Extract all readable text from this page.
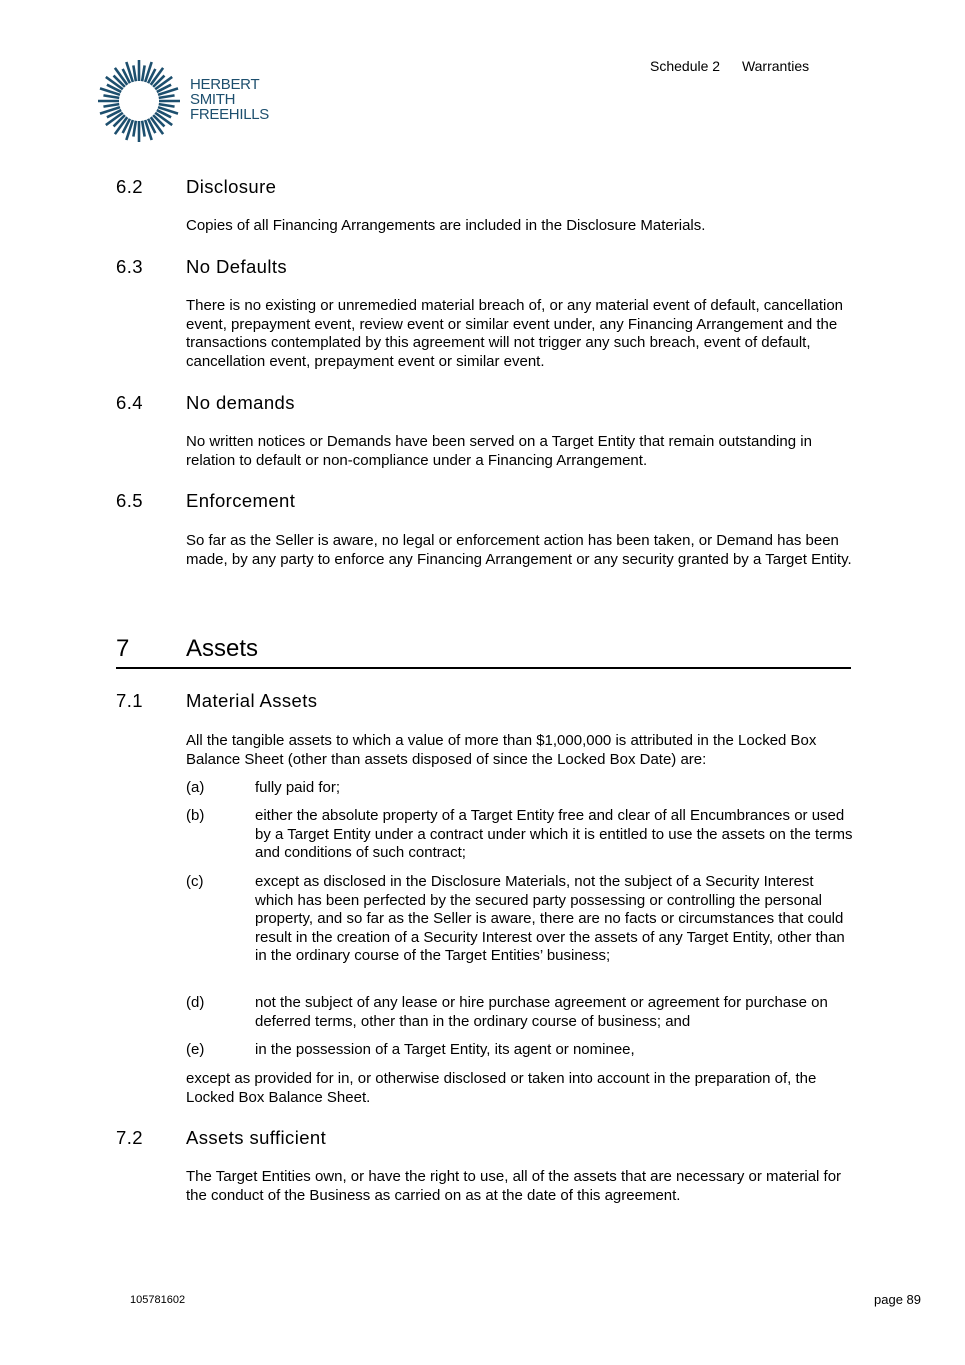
HERBERT
SMITH
FREEHILLS
Schedule 2 Warranties
6.2 Disclosure
Copies of all Financing Arrangements are included in the Disclosure Materials.
6.3 No Defaults
There is no existing or unremedied material breach of, or any material event of default, cancellation event, prepayment event, review event or similar event under, any Financing Arrangement and the transactions contemplated by this agreement will not trigger any such breach, event of default, cancellation event, prepayment event or similar event.
6.4 No demands
No written notices or Demands have been served on a Target Entity that remain outstanding in relation to default or non-compliance under a Financing Arrangement.
6.5 Enforcement
So far as the Seller is aware, no legal or enforcement action has been taken, or Demand has been made, by any party to enforce any Financing Arrangement or any security granted by a Target Entity.
7 Assets
7.1 Material Assets
All the tangible assets to which a value of more than $1,000,000 is attributed in the Locked Box Balance Sheet (other than assets disposed of since the Locked Box Date) are:
(a)	fully paid for;
(b)	either the absolute property of a Target Entity free and clear of all Encumbrances or used by a Target Entity under a contract under which it is entitled to use the assets on the terms and conditions of such contract;
(c)	except as disclosed in the Disclosure Materials, not the subject of a Security Interest which has been perfected by the secured party possessing or controlling the personal property, and so far as the Seller is aware, there are no facts or circumstances that could result in the creation of a Security Interest over the assets of any Target Entity, other than in the ordinary course of the Target Entities’ business;
(d)	not the subject of any lease or hire purchase agreement or agreement for purchase on deferred terms, other than in the ordinary course of business; and
(e)	in the possession of a Target Entity, its agent or nominee,
except as provided for in, or otherwise disclosed or taken into account in the preparation of, the Locked Box Balance Sheet.
7.2 Assets sufficient
The Target Entities own, or have the right to use, all of the assets that are necessary or material for the conduct of the Business as carried on as at the date of this agreement.
105781602	page 89
